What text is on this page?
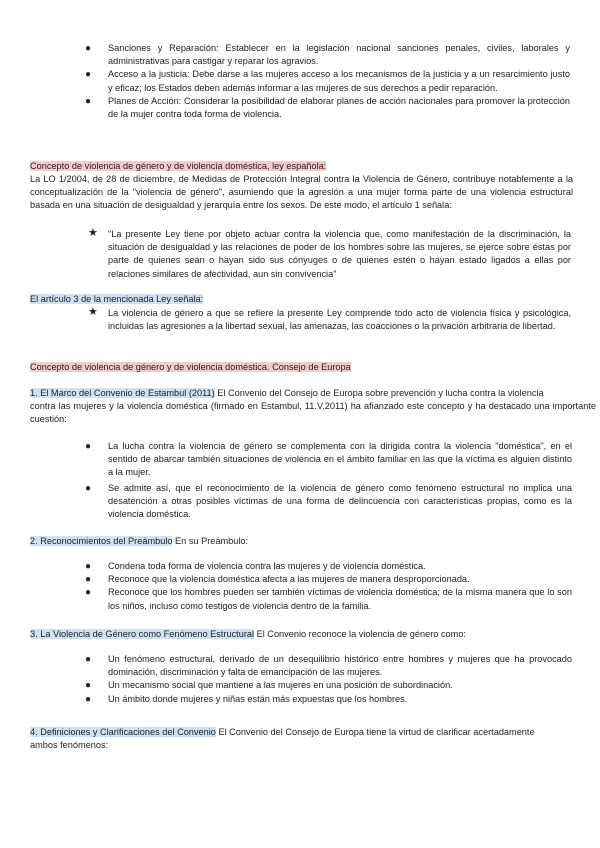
● Sanciones y Reparación: Establecer en la legislación nacional sanciones penales, civiles, laborales y administrativas para castigar y reparar los agravios.
● Acceso a la justicia: Debe darse a las mujeres acceso a los mecanismos de la justicia y a un resarcimiento justo y eficaz; los Estados deben además informar a las mujeres de sus derechos a pedir reparación.
● Planes de Acción: Considerar la posibilidad de elaborar planes de acción nacionales para promover la protección de la mujer contra toda forma de violencia.
Concepto de violencia de género y de violencia doméstica, ley española:
La LO 1/2004, de 28 de diciembre, de Medidas de Protección Integral contra la Violencia de Género, contribuye notablemente a la conceptualización de la "violencia de género", asumiendo que la agresión a una mujer forma parte de una violencia estructural basada en una situación de desigualdad y jerarquía entre los sexos. De este modo, el artículo 1 señala:
★ "La presente Ley tiene por objeto actuar contra la violencia que, como manifestación de la discriminación, la situación de desigualdad y las relaciones de poder de los hombres sobre las mujeres, se ejerce sobre éstas por parte de quienes sean o hayan sido sus cónyuges o de quienes estén o hayan estado ligados a ellas por relaciones similares de afectividad, aun sin convivencia"
El artículo 3 de la mencionada Ley señala:
★ La violencia de género a que se refiere la presente Ley comprende todo acto de violencia física y psicológica, incluidas las agresiones a la libertad sexual, las amenazas, las coacciones o la privación arbitraria de libertad.
Concepto de violencia de género y de violencia doméstica. Consejo de Europa
1. El Marco del Convenio de Estambul (2011) El Convenio del Consejo de Europa sobre prevención y lucha contra la violencia
contra las mujeres y la violencia doméstica (firmado en Estambul, 11.V.2011) ha afianzado este concepto y ha destacado una importante cuestión:
● La lucha contra la violencia de género se complementa con la dirigida contra la violencia "doméstica", en el sentido de abarcar también situaciones de violencia en el ámbito familiar en las que la víctima es alguien distinto a la mujer.
● Se admite así, que el reconocimiento de la violencia de género como fenómeno estructural no implica una desatención a otras posibles víctimas de una forma de delincuencia con características propias, como es la violencia doméstica.
2. Reconocimientos del Preámbulo En su Preámbulo:
● Condena toda forma de violencia contra las mujeres y de violencia doméstica.
● Reconoce que la violencia doméstica afecta a las mujeres de manera desproporcionada.
● Reconoce que los hombres pueden ser también víctimas de violencia doméstica; de la misma manera que lo son los niños, incluso como testigos de violencia dentro de la familia.
3. La Violencia de Género como Fenómeno Estructural El Convenio reconoce la violencia de género como:
● Un fenómeno estructural, derivado de un desequilibrio histórico entre hombres y mujeres que ha provocado dominación, discriminación y falta de emancipación de las mujeres.
● Un mecanismo social que mantiene a las mujeres en una posición de subordinación.
● Un ámbito donde mujeres y niñas están más expuestas que los hombres.
4. Definiciones y Clarificaciones del Convenio El Convenio del Consejo de Europa tiene la virtud de clarificar acertadamente
ambos fenómenos:
